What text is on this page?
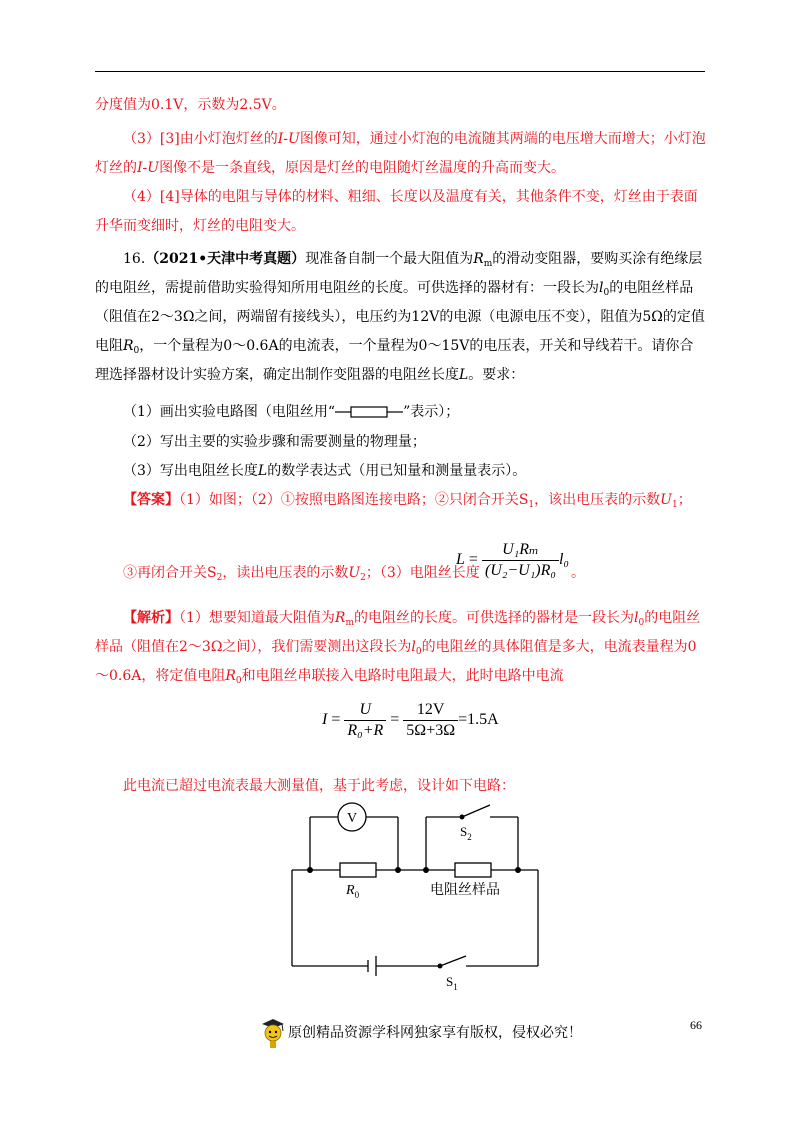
分度值为0.1V，示数为2.5V。

（3）[3]由小灯泡灯丝的I-U图像可知，通过小灯泡的电流随其两端的电压增大而增大；小灯泡灯丝的I-U图像不是一条直线，原因是灯丝的电阻随灯丝温度的升高而变大。

（4）[4]导体的电阻与导体的材料、粗细、长度以及温度有关，其他条件不变，灯丝由于表面升华而变细时，灯丝的电阻变大。

16.（2021•天津中考真题）现准备自制一个最大阻值为$R_m$的滑动变阻器，要购买涂有绝缘层的电阻丝，需提前借助实验得知所用电阻丝的长度。可供选择的器材有：一段长为$l_0$的电阻丝样品（阻值在2～3Ω之间，两端留有接线头），电压约为12V的电源（电源电压不变），阻值为5Ω的定值电阻$R_0$，一个量程为0～0.6A的电流表，一个量程为0～15V的电压表，开关和导线若干。请你合理选择器材设计实验方案，确定出制作变阻器的电阻丝长度L。要求：

（1）画出实验电路图（电阻丝用“	”表示）；
（2）写出主要的实验步骤和需要测量的物理量；
（3）写出电阻丝长度L的数学表达式（用已知量和测量量表示）。
【答案】（1）如图；（2）①按照电路图连接电路；②只闭合开关$S_1$，该出电压表的示数$U_1$；
③再闭合开关$S_2$，读出电压表的示数$U_2$；（3）电阻丝长度
$L = \frac{\text{U₁Rₘ}}{\text{(U₂−U₁)R₀}} l_0$
。

【解析】（1）想要知道最大阻值为$R_m$的电阻丝的长度。可供选择的器材是一段长为$l_0$的电阻丝样品（阻值在2～3Ω之间），我们需要测出这段长为$l_0$的电阻丝的具体阻值是多大，电流表量程为0～0.6A，将定值电阻$R_0$和电阻丝串联接入电路时电阻最大，此时电路中电流

$I = \frac{U}{\text{R₀+R}} = \frac{12V}{5\Omega+3\Omega} =1.5A$
此电流已超过电流表最大测量值，基于此考虑，设计如下电路：
V
$R_0$	电阻丝样品
$S_2$
$S_1$
66
原创精品资源学科网独家享有版权，侵权必究！
